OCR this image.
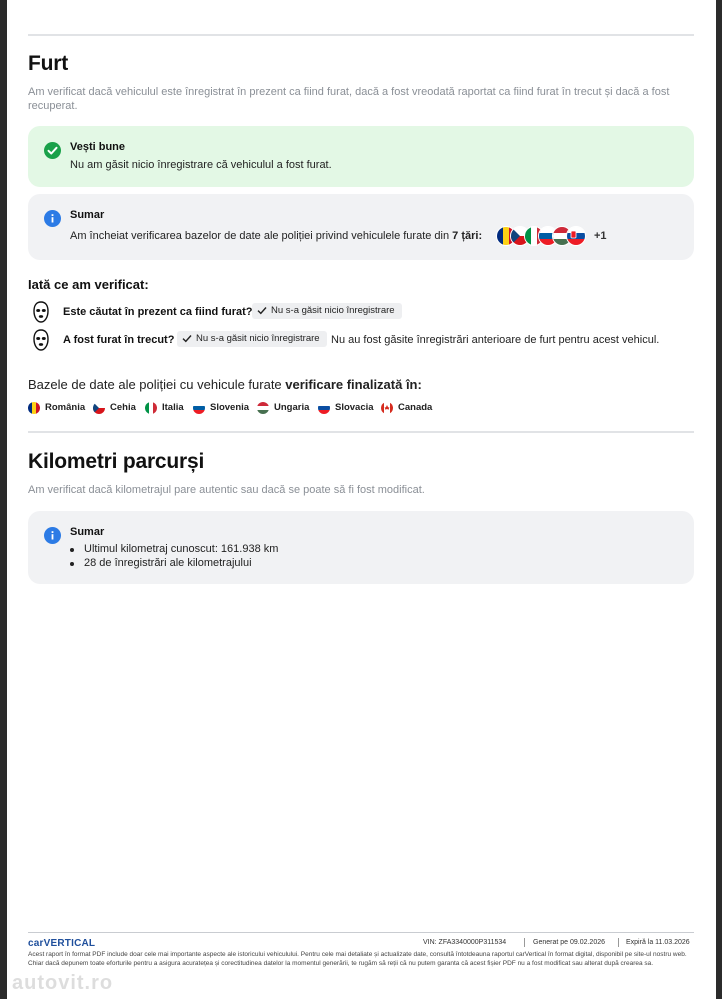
Furt
Am verificat dacă vehiculul este înregistrat în prezent ca fiind furat, dacă a fost vreodată raportat ca fiind furat în trecut și dacă a fost recuperat.
Vești bune
Nu am găsit nicio înregistrare că vehiculul a fost furat.
Sumar
Am încheiat verificarea bazelor de date ale poliției privind vehiculele furate din 7 țări:	+1
Iată ce am verificat:
Este căutat în prezent ca fiind furat?	Nu s-a găsit nicio înregistrare
A fost furat în trecut?	Nu s-a găsit nicio înregistrare	Nu au fost găsite înregistrări anterioare de furt pentru acest vehicul.
Bazele de date ale poliției cu vehicule furate verificare finalizată în:
România	Cehia	Italia	Slovenia	Ungaria	Slovacia	Canada
Kilometri parcurși
Am verificat dacă kilometrajul pare autentic sau dacă se poate să fi fost modificat.
Sumar
Ultimul kilometraj cunoscut: 161.938 km
28 de înregistrări ale kilometrajului
carVERTICAL	VIN: ZFA3340000P311534	Generat pe 09.02.2026	Expiră la 11.03.2026
Acest raport în format PDF include doar cele mai importante aspecte ale istoricului vehiculului. Pentru cele mai detaliate și actualizate date, consultă întotdeauna raportul carVertical în format digital, disponibil pe site-ul nostru web. Chiar dacă depunem toate eforturile pentru a asigura acuratețea și corectitudinea datelor la momentul generării, te rugăm să reții că nu putem garanta că acest fișier PDF nu a fost modificat sau alterat după crearea sa.
autovit.ro
